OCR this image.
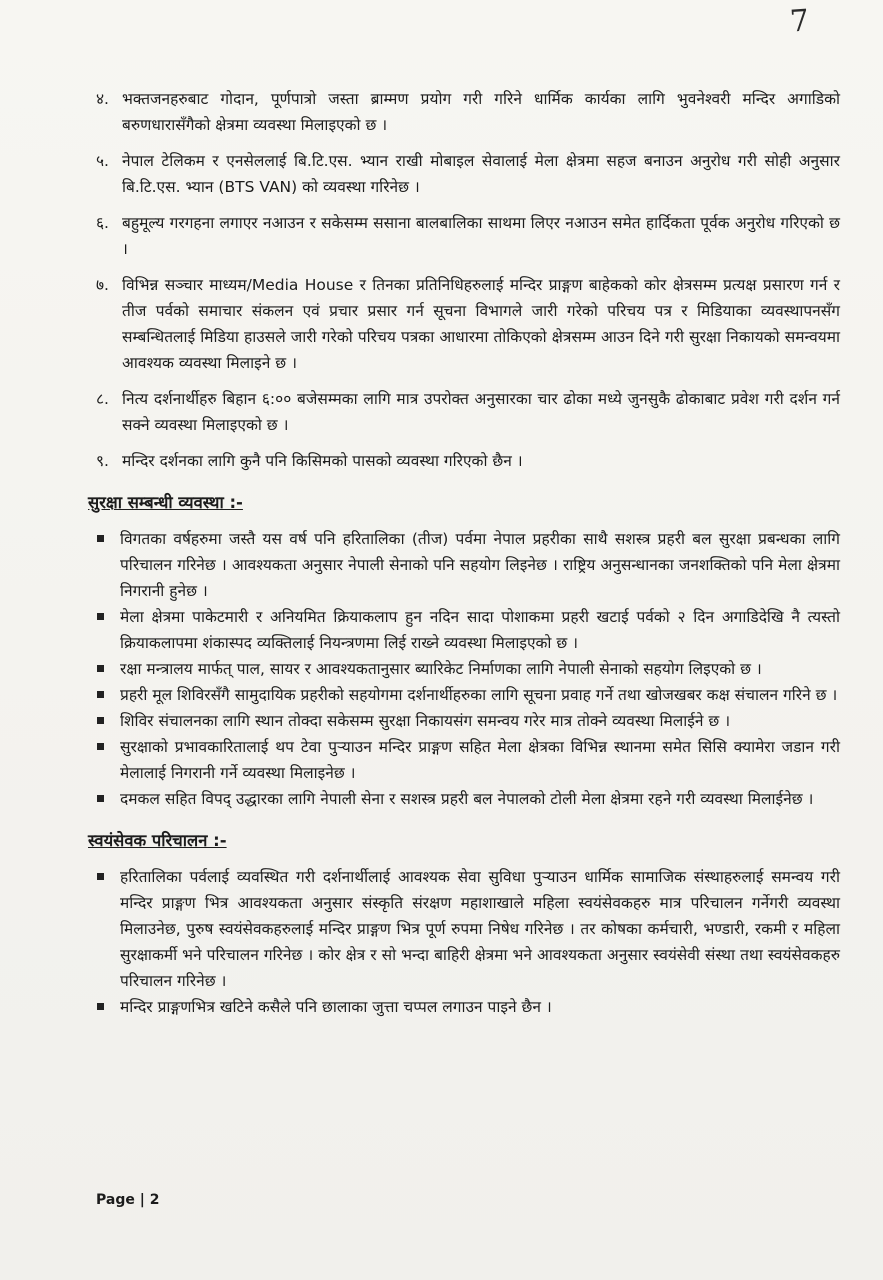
7
४. भक्तजनहरुबाट गोदान, पूर्णपात्रो जस्ता ब्राम्मण प्रयोग गरी गरिने धार्मिक कार्यका लागि भुवनेश्वरी मन्दिर अगाडिको बरुणधारासँगैको क्षेत्रमा व्यवस्था मिलाइएको छ ।
५. नेपाल टेलिकम र एनसेललाई बि.टि.एस. भ्यान राखी मोबाइल सेवालाई मेला क्षेत्रमा सहज बनाउन अनुरोध गरी सोही अनुसार बि.टि.एस. भ्यान (BTS VAN) को व्यवस्था गरिनेछ ।
६. बहुमूल्य गरगहना लगाएर नआउन र सकेसम्म ससाना बालबालिका साथमा लिएर नआउन समेत हार्दिकता पूर्वक अनुरोध गरिएको छ ।
७. विभिन्न सञ्चार माध्यम/Media House र तिनका प्रतिनिधिहरुलाई मन्दिर प्राङ्गण बाहेकको कोर क्षेत्रसम्म प्रत्यक्ष प्रसारण गर्न र तीज पर्वको समाचार संकलन एवं प्रचार प्रसार गर्न सूचना विभागले जारी गरेको परिचय पत्र र मिडियाका व्यवस्थापनसँग सम्बन्धितलाई मिडिया हाउसले जारी गरेको परिचय पत्रका आधारमा तोकिएको क्षेत्रसम्म आउन दिने गरी सुरक्षा निकायको समन्वयमा आवश्यक व्यवस्था मिलाइने छ ।
८. नित्य दर्शनार्थीहरु बिहान ६:०० बजेसम्मका लागि मात्र उपरोक्त अनुसारका चार ढोका मध्ये जुनसुकै ढोकाबाट प्रवेश गरी दर्शन गर्न सक्ने व्यवस्था मिलाइएको छ ।
९. मन्दिर दर्शनका लागि कुनै पनि किसिमको पासको व्यवस्था गरिएको छैन ।
सुरक्षा सम्बन्धी व्यवस्था :-
विगतका वर्षहरुमा जस्तै यस वर्ष पनि हरितालिका (तीज) पर्वमा नेपाल प्रहरीका साथै सशस्त्र प्रहरी बल सुरक्षा प्रबन्धका लागि परिचालन गरिनेछ । आवश्यकता अनुसार नेपाली सेनाको पनि सहयोग लिइनेछ । राष्ट्रिय अनुसन्धानका जनशक्तिको पनि मेला क्षेत्रमा निगरानी हुनेछ ।
मेला क्षेत्रमा पाकेटमारी र अनियमित क्रियाकलाप हुन नदिन सादा पोशाकमा प्रहरी खटाई पर्वको २ दिन अगाडिदेखि नै त्यस्तो क्रियाकलापमा शंकास्पद व्यक्तिलाई नियन्त्रणमा लिई राख्ने व्यवस्था मिलाइएको छ ।
रक्षा मन्त्रालय मार्फत् पाल, सायर र आवश्यकतानुसार ब्यारिकेट निर्माणका लागि नेपाली सेनाको सहयोग लिइएको छ ।
प्रहरी मूल शिविरसँगै सामुदायिक प्रहरीको सहयोगमा दर्शनार्थीहरुका लागि सूचना प्रवाह गर्ने तथा खोजखबर कक्ष संचालन गरिने छ ।
शिविर संचालनका लागि स्थान तोक्दा सकेसम्म सुरक्षा निकायसंग समन्वय गरेर मात्र तोक्ने व्यवस्था मिलाईने छ ।
सुरक्षाको प्रभावकारितालाई थप टेवा पुऱ्याउन मन्दिर प्राङ्गण सहित मेला क्षेत्रका विभिन्न स्थानमा समेत सिसि क्यामेरा जडान गरी मेलालाई निगरानी गर्ने व्यवस्था मिलाइनेछ ।
दमकल सहित विपद् उद्धारका लागि नेपाली सेना र सशस्त्र प्रहरी बल नेपालको टोली मेला क्षेत्रमा रहने गरी व्यवस्था मिलाईनेछ ।
स्वयंसेवक परिचालन :-
हरितालिका पर्वलाई व्यवस्थित गरी दर्शनार्थीलाई आवश्यक सेवा सुविधा पुऱ्याउन धार्मिक सामाजिक संस्थाहरुलाई समन्वय गरी मन्दिर प्राङ्गण भित्र आवश्यकता अनुसार संस्कृति संरक्षण महाशाखाले महिला स्वयंसेवकहरु मात्र परिचालन गर्नेगरी व्यवस्था मिलाउनेछ, पुरुष स्वयंसेवकहरुलाई मन्दिर प्राङ्गण भित्र पूर्ण रुपमा निषेध गरिनेछ । तर कोषका कर्मचारी, भण्डारी, रकमी र महिला सुरक्षाकर्मी भने परिचालन गरिनेछ । कोर क्षेत्र र सो भन्दा बाहिरी क्षेत्रमा भने आवश्यकता अनुसार स्वयंसेवी संस्था तथा स्वयंसेवकहरु परिचालन गरिनेछ ।
मन्दिर प्राङ्गणभित्र खटिने कसैले पनि छालाका जुत्ता चप्पल लगाउन पाइने छैन ।
Page | 2
